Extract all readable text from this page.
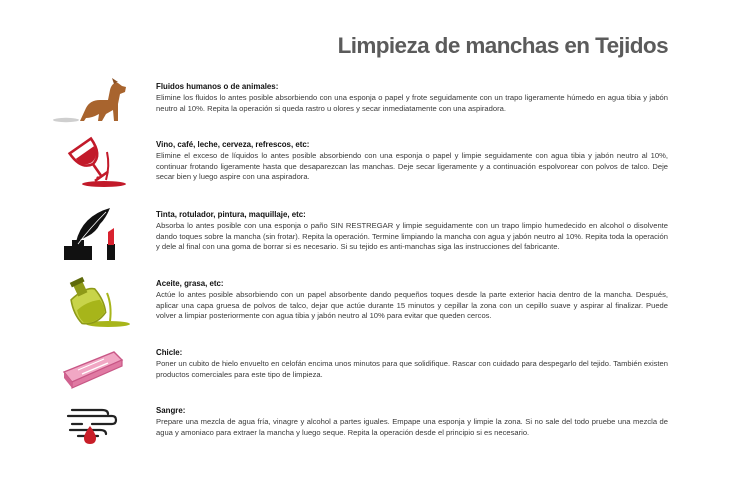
Limpieza de manchas en Tejidos
Fluidos humanos o de animales:
Elimine los fluidos lo antes posible absorbiendo con una esponja o papel y frote seguidamente con un trapo ligeramente húmedo en agua tibia y jabón neutro al 10%. Repita la operación si queda rastro u olores y secar inmediatamente con una aspiradora.
Vino, café, leche, cerveza, refrescos, etc:
Elimine el exceso de líquidos lo antes posible absorbiendo con una esponja o papel y limpie seguidamente con agua tibia y jabón neutro al 10%, continuar frotando ligeramente hasta que desaparezcan las manchas. Deje secar ligeramente y a continuación espolvorear con polvos de talco. Deje secar bien y luego aspire con una aspiradora.
Tinta, rotulador, pintura, maquillaje, etc:
Absorba lo antes posible con una esponja o paño SIN RESTREGAR y limpie seguidamente con un trapo limpio humedecido en alcohol o disolvente dando toques sobre la mancha (sin frotar). Repita la operación. Termine limpiando la mancha con agua y jabón neutro al 10%. Repita toda la operación y dele al final con una goma de borrar si es necesario. Si su tejido es anti-manchas siga las instrucciones del fabricante.
Aceite, grasa, etc:
Actúe lo antes posible absorbiendo con un papel absorbente dando pequeños toques desde la parte exterior hacia dentro de la mancha. Después, aplicar una capa gruesa de polvos de talco, dejar que actúe durante 15 minutos y cepillar la zona con un cepillo suave y aspirar al finalizar. Puede volver a limpiar posteriormente con agua tibia y jabón neutro al 10% para evitar que queden cercos.
Chicle:
Poner un cubito de hielo envuelto en celofán encima unos minutos para que solidifique. Rascar con cuidado para despegarlo del tejido. También existen productos comerciales para este tipo de limpieza.
Sangre:
Prepare una mezcla de agua fría, vinagre y alcohol a partes iguales. Empape una esponja y limpie la zona. Si no sale del todo pruebe una mezcla de agua y amoniaco para extraer la mancha y luego seque. Repita la operación desde el principio si es necesario.
